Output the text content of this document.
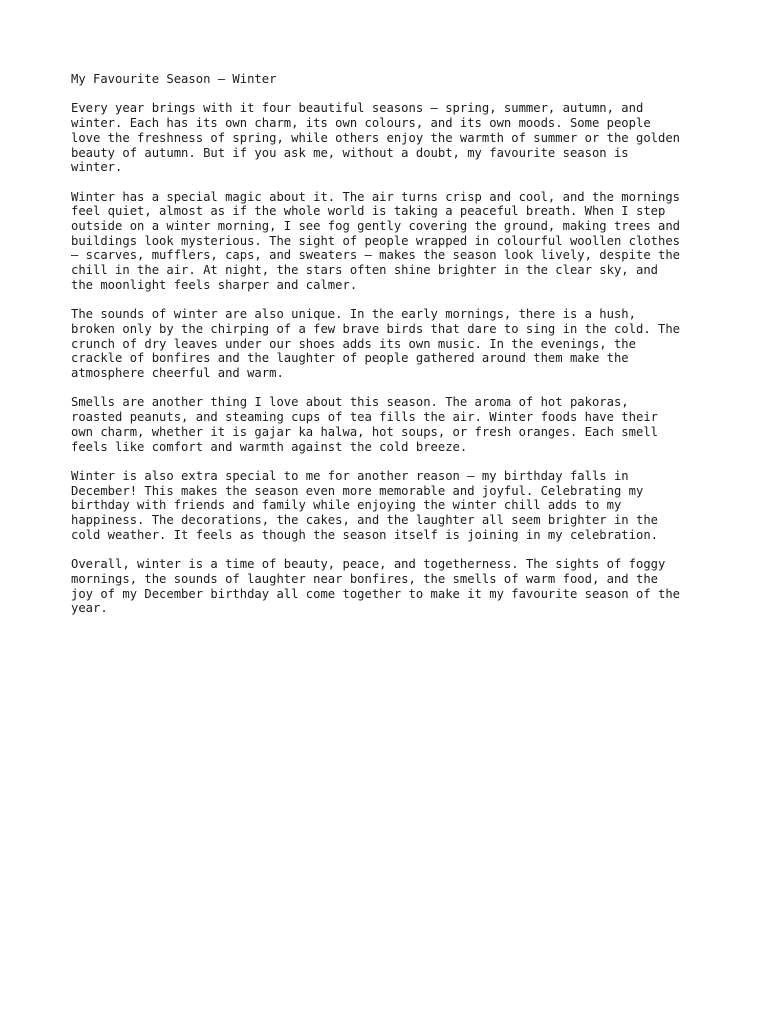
My Favourite Season – Winter

Every year brings with it four beautiful seasons – spring, summer, autumn, and
winter. Each has its own charm, its own colours, and its own moods. Some people
love the freshness of spring, while others enjoy the warmth of summer or the golden
beauty of autumn. But if you ask me, without a doubt, my favourite season is
winter.

Winter has a special magic about it. The air turns crisp and cool, and the mornings
feel quiet, almost as if the whole world is taking a peaceful breath. When I step
outside on a winter morning, I see fog gently covering the ground, making trees and
buildings look mysterious. The sight of people wrapped in colourful woollen clothes
– scarves, mufflers, caps, and sweaters – makes the season look lively, despite the
chill in the air. At night, the stars often shine brighter in the clear sky, and
the moonlight feels sharper and calmer.

The sounds of winter are also unique. In the early mornings, there is a hush,
broken only by the chirping of a few brave birds that dare to sing in the cold. The
crunch of dry leaves under our shoes adds its own music. In the evenings, the
crackle of bonfires and the laughter of people gathered around them make the
atmosphere cheerful and warm.

Smells are another thing I love about this season. The aroma of hot pakoras,
roasted peanuts, and steaming cups of tea fills the air. Winter foods have their
own charm, whether it is gajar ka halwa, hot soups, or fresh oranges. Each smell
feels like comfort and warmth against the cold breeze.

Winter is also extra special to me for another reason – my birthday falls in
December! This makes the season even more memorable and joyful. Celebrating my
birthday with friends and family while enjoying the winter chill adds to my
happiness. The decorations, the cakes, and the laughter all seem brighter in the
cold weather. It feels as though the season itself is joining in my celebration.

Overall, winter is a time of beauty, peace, and togetherness. The sights of foggy
mornings, the sounds of laughter near bonfires, the smells of warm food, and the
joy of my December birthday all come together to make it my favourite season of the
year.
